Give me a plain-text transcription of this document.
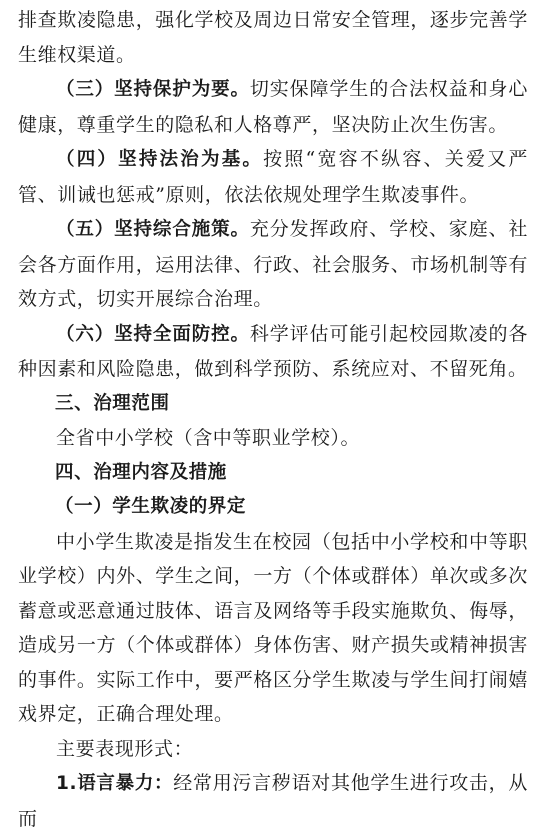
排查欺凌隐患，强化学校及周边日常安全管理，逐步完善学生维权渠道。

（三）坚持保护为要。切实保障学生的合法权益和身心健康，尊重学生的隐私和人格尊严，坚决防止次生伤害。

（四）坚持法治为基。按照“宽容不纵容、关爱又严管、训诫也惩戒”原则，依法依规处理学生欺凌事件。

（五）坚持综合施策。充分发挥政府、学校、家庭、社会各方面作用，运用法律、行政、社会服务、市场机制等有效方式，切实开展综合治理。

（六）坚持全面防控。科学评估可能引起校园欺凌的各种因素和风险隐患，做到科学预防、系统应对、不留死角。

三、治理范围

全省中小学校（含中等职业学校）。

四、治理内容及措施

（一）学生欺凌的界定

中小学生欺凌是指发生在校园（包括中小学校和中等职业学校）内外、学生之间，一方（个体或群体）单次或多次蓄意或恶意通过肢体、语言及网络等手段实施欺负、侮辱，造成另一方（个体或群体）身体伤害、财产损失或精神损害的事件。实际工作中，要严格区分学生欺凌与学生间打闹嬉戏界定，正确合理处理。

主要表现形式：

1.语言暴力：经常用污言秽语对其他学生进行攻击，从而
